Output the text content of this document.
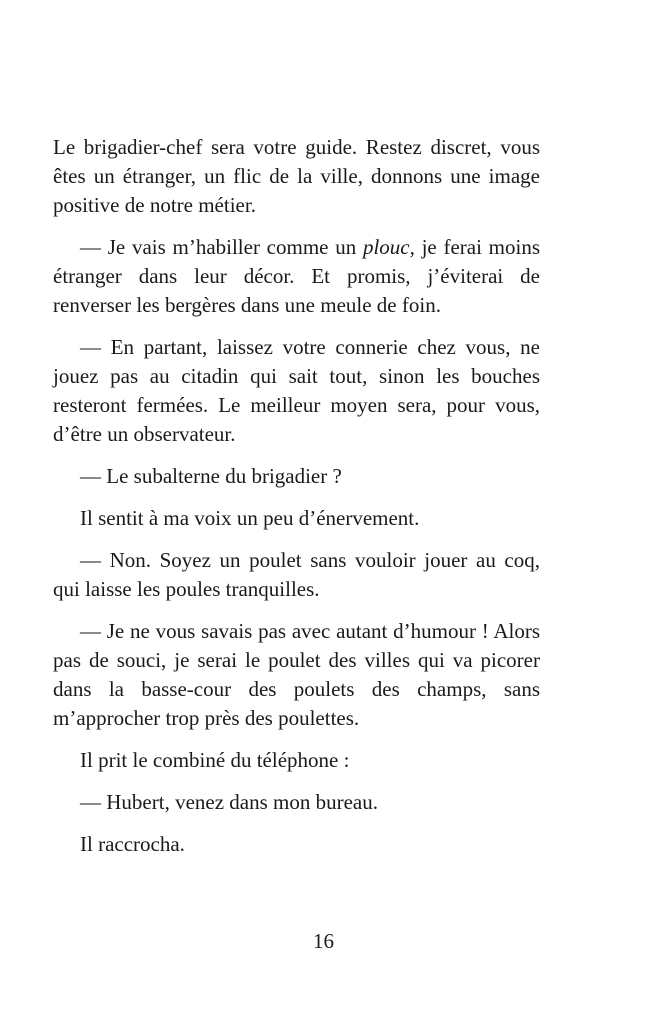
Le brigadier-chef sera votre guide. Restez discret, vous êtes un étranger, un flic de la ville, donnons une image positive de notre métier.

— Je vais m’habiller comme un plouc, je ferai moins étranger dans leur décor. Et promis, j’éviterai de renverser les bergères dans une meule de foin.

— En partant, laissez votre connerie chez vous, ne jouez pas au citadin qui sait tout, sinon les bouches resteront fermées. Le meilleur moyen sera, pour vous, d’être un observateur.

— Le subalterne du brigadier ?

Il sentit à ma voix un peu d’énervement.

— Non. Soyez un poulet sans vouloir jouer au coq, qui laisse les poules tranquilles.

— Je ne vous savais pas avec autant d’humour ! Alors pas de souci, je serai le poulet des villes qui va picorer dans la basse-cour des poulets des champs, sans m’approcher trop près des poulettes.

Il prit le combiné du téléphone :

— Hubert, venez dans mon bureau.

Il raccrocha.

16
